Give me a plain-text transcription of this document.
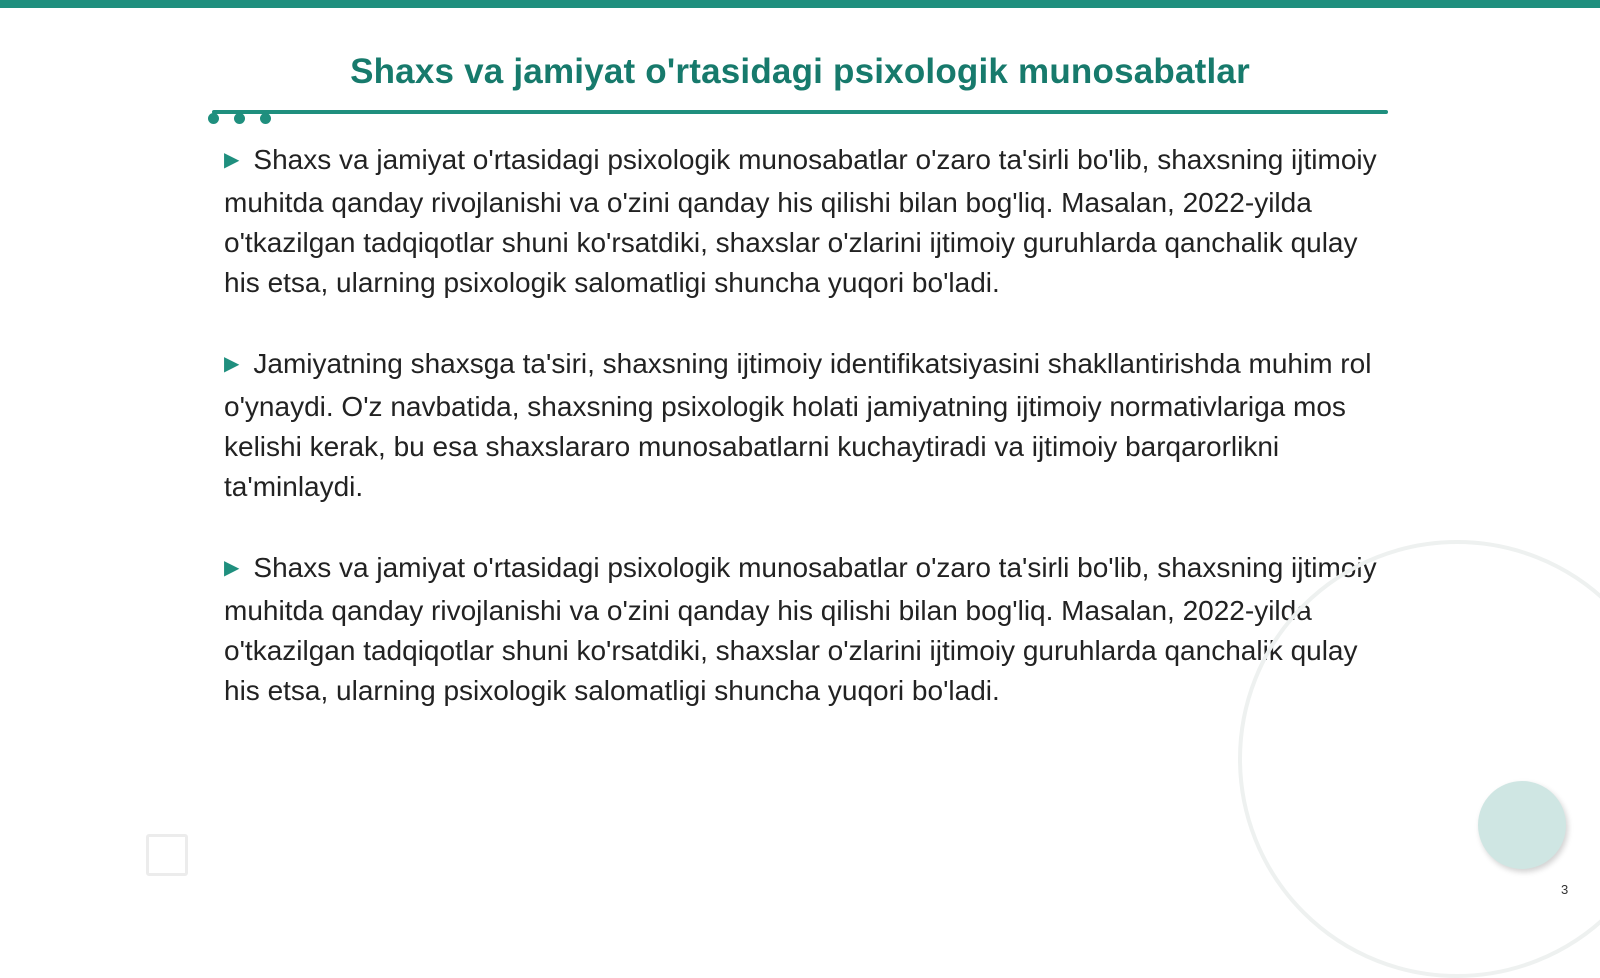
Shaxs va jamiyat o'rtasidagi psixologik munosabatlar

▶ Shaxs va jamiyat o'rtasidagi psixologik munosabatlar o'zaro ta'sirli bo'lib, shaxsning ijtimoiy muhitda qanday rivojlanishi va o'zini qanday his qilishi bilan bog'liq. Masalan, 2022-yilda o'tkazilgan tadqiqotlar shuni ko'rsatdiki, shaxslar o'zlarini ijtimoiy guruhlarda qanchalik qulay his etsa, ularning psixologik salomatligi shuncha yuqori bo'ladi.

▶ Jamiyatning shaxsga ta'siri, shaxsning ijtimoiy identifikatsiyasini shakllantirishda muhim rol o'ynaydi. O'z navbatida, shaxsning psixologik holati jamiyatning ijtimoiy normativlariga mos kelishi kerak, bu esa shaxslararo munosabatlarni kuchaytiradi va ijtimoiy barqarorlikni ta'minlaydi.

▶ Shaxs va jamiyat o'rtasidagi psixologik munosabatlar o'zaro ta'sirli bo'lib, shaxsning ijtimoiy muhitda qanday rivojlanishi va o'zini qanday his qilishi bilan bog'liq. Masalan, 2022-yilda o'tkazilgan tadqiqotlar shuni ko'rsatdiki, shaxslar o'zlarini ijtimoiy guruhlarda qanchalik qulay his etsa, ularning psixologik salomatligi shuncha yuqori bo'ladi.

3
